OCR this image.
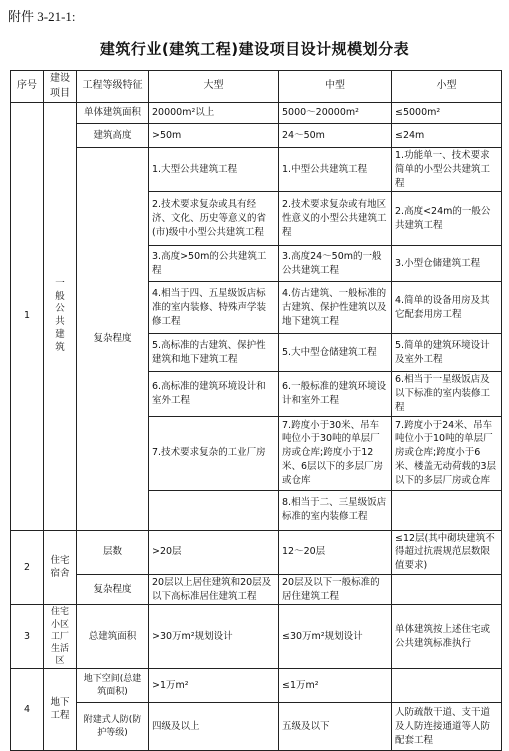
附件 3-21-1:
建筑行业(建筑工程)建设项目设计规模划分表
序号	建设项目	工程等级特征	大型	中型	小型
1	一般公共建筑	单体建筑面积	20000m²以上	5000～20000m²	≤5000m²
		建筑高度	>50m	24～50m	≤24m
		复杂程度	1.大型公共建筑工程	1.中型公共建筑工程	1.功能单一、技术要求简单的小型公共建筑工程
			2.技术要求复杂或具有经济、文化、历史等意义的省(市)级中小型公共建筑工程	2.技术要求复杂或有地区性意义的小型公共建筑工程	2.高度<24m的一般公共建筑工程
			3.高度>50m的公共建筑工程	3.高度24～50m的一般公共建筑工程	3.小型仓储建筑工程
			4.相当于四、五星级饭店标准的室内装修、特殊声学装修工程	4.仿古建筑、一般标准的古建筑、保护性建筑以及地下建筑工程	4.简单的设备用房及其它配套用房工程
			5.高标准的古建筑、保护性建筑和地下建筑工程	5.大中型仓储建筑工程	5.简单的建筑环境设计及室外工程
			6.高标准的建筑环境设计和室外工程	6.一般标准的建筑环境设计和室外工程	6.相当于一星级饭店及以下标准的室内装修工程
			7.技术要求复杂的工业厂房	7.跨度小于30米、吊车吨位小于30吨的单层厂房或仓库;跨度小于12米、6层以下的多层厂房或仓库	7.跨度小于24米、吊车吨位小于10吨的单层厂房或仓库;跨度小于6米、楼盖无动荷载的3层以下的多层厂房或仓库
				8.相当于二、三星级饭店标准的室内装修工程	
2	住宅宿舍	层数	>20层	12～20层	≤12层(其中砌块建筑不得超过抗震规范层数限值要求)
		复杂程度	20层以上居住建筑和20层及以下高标准居住建筑工程	20层及以下一般标准的居住建筑工程	
3	住宅小区工厂生活区	总建筑面积	>30万m²规划设计	≤30万m²规划设计	单体建筑按上述住宅或公共建筑标准执行
4	地下工程	地下空间(总建筑面积)	>1万m²	≤1万m²	
		附建式人防(防护等级)	四级及以上	五级及以下	人防疏散干道、支干道及人防连接通道等人防配套工程
